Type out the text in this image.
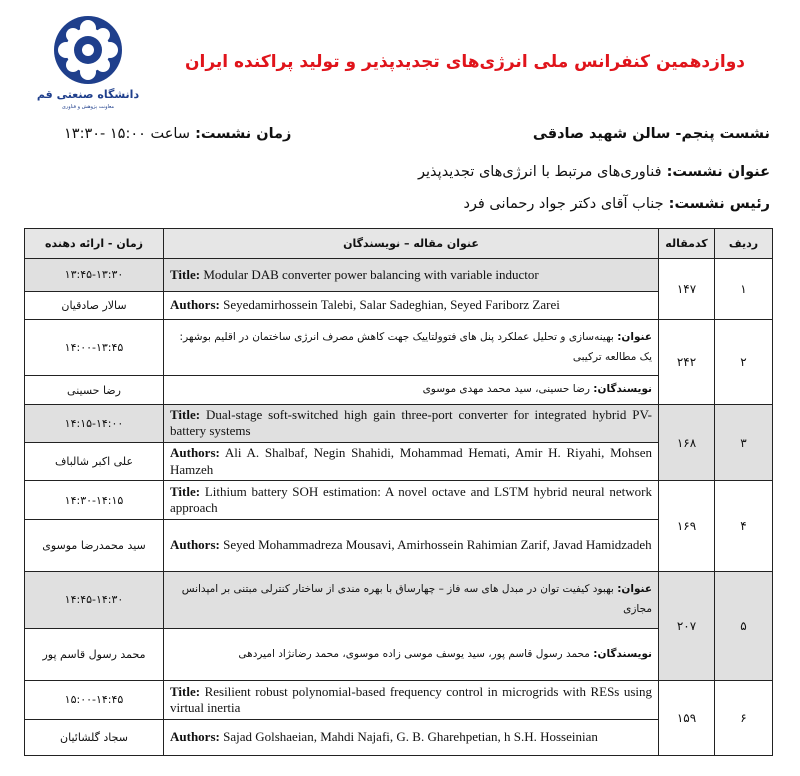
دانشگاه صنعتی قم
معاونت پژوهش و فناوری
دوازدهمین کنفرانس ملی انرژی‌های تجدیدپذیر و تولید پراکنده ایران
نشست پنجم- سالن شهید صادقی
زمان نشست: ساعت ۱۵:۰۰ -۱۳:۳۰
عنوان نشست: فناوری‌های مرتبط با انرژی‌های تجدیدپذیر
رئیس نشست: جناب آقای دکتر جواد رحمانی فرد
ردیف	کدمقاله	عنوان مقاله – نویسندگان	زمان - ارائه دهنده
۱	۱۴۷	Title: Modular DAB converter power balancing with variable inductor	۱۳:۴۵-۱۳:۳۰
		Authors: Seyedamirhossein Talebi, Salar Sadeghian, Seyed Fariborz Zarei	سالار صادقیان
۲	۲۴۲	عنوان: بهینه‌سازی و تحلیل عملکرد پنل های فتوولتاییک جهت کاهش مصرف انرژی ساختمان در اقلیم بوشهر: یک مطالعه ترکیبی	۱۴:۰۰-۱۳:۴۵
		نویسندگان: رضا حسینی، سید محمد مهدی موسوی	رضا حسینی
۳	۱۶۸	Title: Dual-stage soft-switched high gain three-port converter for integrated hybrid PV-battery systems	۱۴:۱۵-۱۴:۰۰
		Authors: Ali A. Shalbaf, Negin Shahidi, Mohammad Hemati, Amir H. Riyahi, Mohsen Hamzeh	علی اکبر شالباف
۴	۱۶۹	Title: Lithium battery SOH estimation: A novel octave and LSTM hybrid neural network approach	۱۴:۳۰-۱۴:۱۵
		Authors: Seyed Mohammadreza Mousavi, Amirhossein Rahimian Zarif, Javad Hamidzadeh	سید محمدرضا موسوی
۵	۲۰۷	عنوان: بهبود کیفیت توان در مبدل های سه فاز – چهارساق با بهره مندی از ساختار کنترلی مبتنی بر امپدانس مجازی	۱۴:۴۵-۱۴:۳۰
		نویسندگان: محمد رسول قاسم پور، سید یوسف موسی زاده موسوی، محمد رضانژاد امیردهی	محمد رسول قاسم پور
۶	۱۵۹	Title: Resilient robust polynomial-based frequency control in microgrids with RESs using virtual inertia	۱۵:۰۰-۱۴:۴۵
		Authors: Sajad Golshaeian, Mahdi Najafi, G. B. Gharehpetian, h S.H. Hosseinian	سجاد گلشائیان
